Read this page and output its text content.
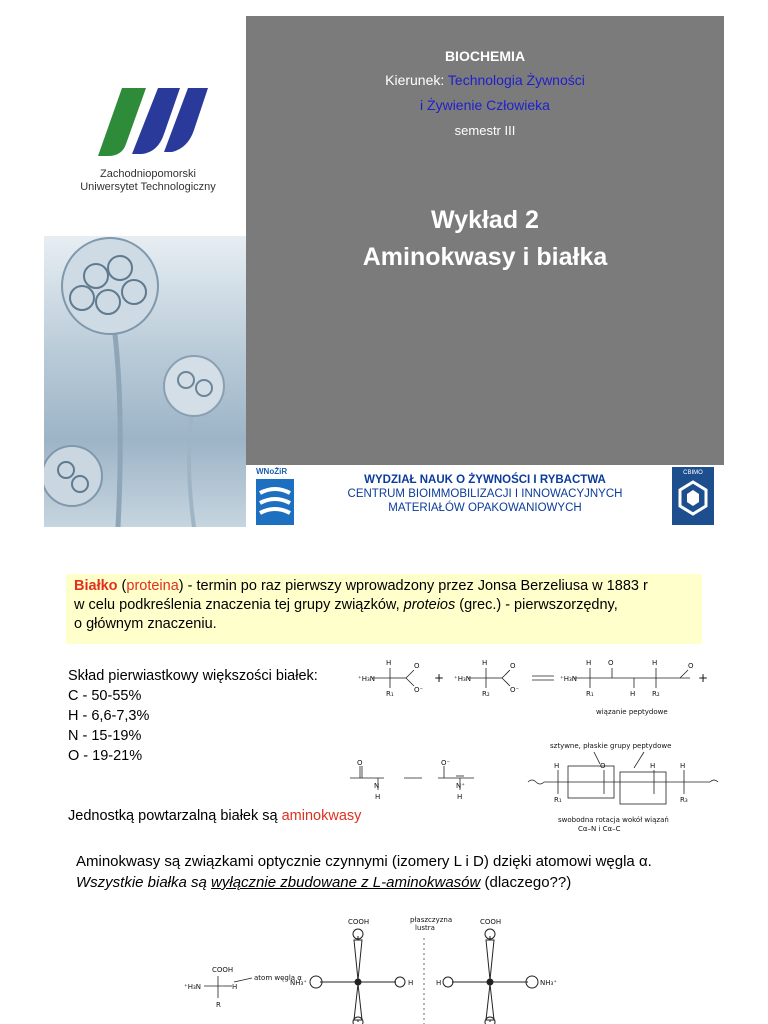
Zachodniopomorski
Uniwersytet Technologiczny
BIOCHEMIA
Kierunek: Technologia Żywności
i Żywienie Człowieka
semestr III
Wykład 2
Aminokwasy i białka
WNoŻiR
WYDZIAŁ NAUK O ŻYWNOŚCI I RYBACTWA
CENTRUM BIOIMMOBILIZACJI I INNOWACYJNYCH
MATERIAŁÓW OPAKOWANIOWYCH
CBIMO
Białko (proteina) - termin po raz pierwszy wprowadzony przez Jonsa Berzeliusa w 1883 r
w celu podkreślenia znaczenia tej grupy związków, proteios (grec.) - pierwszorzędny,
o głównym znaczeniu.
Skład pierwiastkowy większości białek:
C - 50-55%
H - 6,6-7,3%
N - 15-19%
O - 19-21%
⁺H₃N
H
R₁
O
O⁻
+ ⁺H₃N
H
R₂
O
O⁻
⁺H₃N
H
R₁
O
H
H
R₂
O
+
wiązanie peptydowe
O
N
H
O⁻
N⁺
H
sztywne, płaskie grupy peptydowe
H
R₁
O	H	H
R₃
swobodna rotacja wokół wiązań
Cα–N i Cα–C
Jednostką powtarzalną białek są aminokwasy
Aminokwasy są związkami optycznie czynnymi (izomery L i D) dzięki atomowi węgla α.
Wszystkie białka są wyłącznie zbudowane z L-aminokwasów (dlaczego??)
COOH
⁺H₃N	H
R
atom węgla α
płaszczyzna
lustra
COOH
NH₃⁺	H
COOH
H	NH₃⁺
